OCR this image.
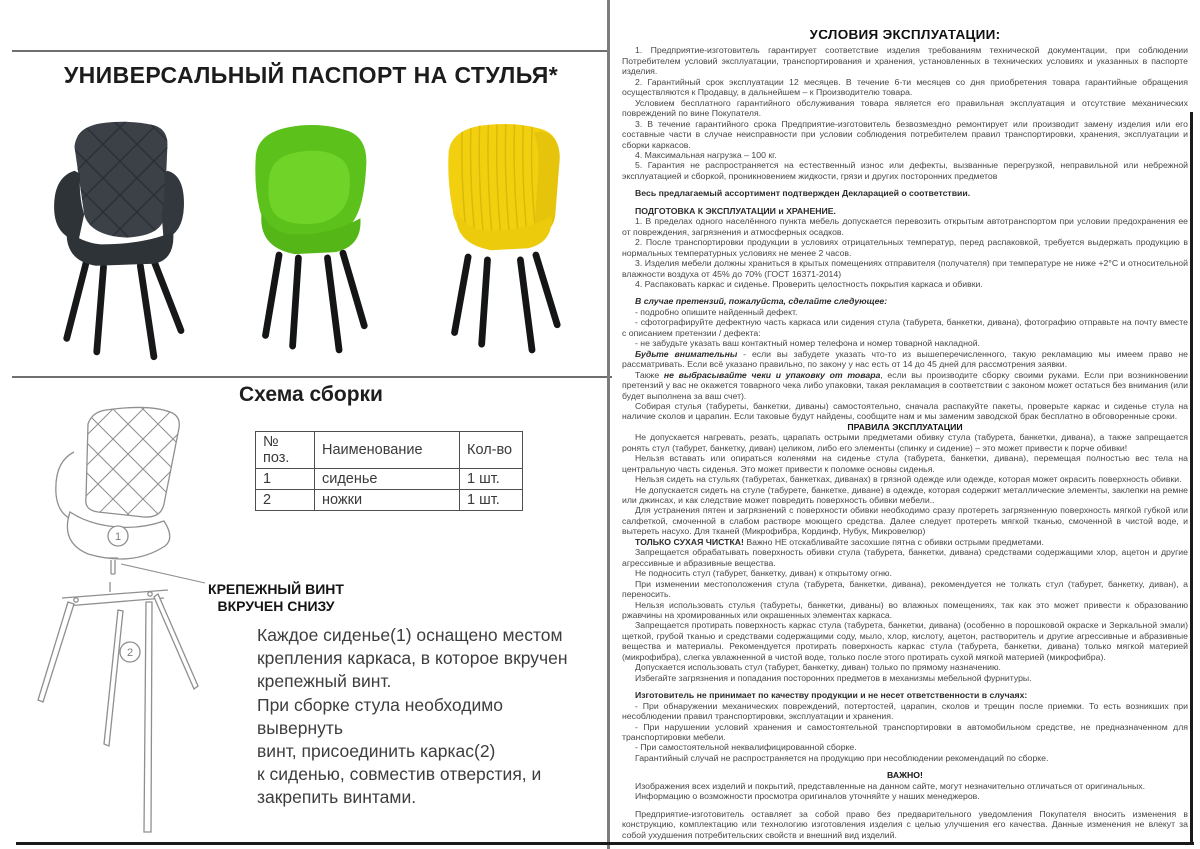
УНИВЕРСАЛЬНЫЙ ПАСПОРТ НА СТУЛЬЯ*
Схема сборки
1
2
№ поз.	Наименование	Кол-во
1	сиденье	1 шт.
2	ножки	1 шт.
КРЕПЕЖНЫЙ ВИНТ
ВКРУЧЕН СНИЗУ
Каждое сиденье(1) оснащено местом
крепления каркаса, в которое вкручен
крепежный винт.
При сборке стула необходимо вывернуть
винт, присоединить каркас(2)
к сиденью, совместив отверстия, и
закрепить винтами.
УСЛОВИЯ ЭКСПЛУАТАЦИИ:
1. Предприятие-изготовитель гарантирует соответствие изделия требованиям технической документации, при соблюдении Потребителем условий эксплуатации, транспортирования и хранения, установленных в технических условиях и указанных в паспорте изделия.
2. Гарантийный срок эксплуатации 12 месяцев. В течение 6-ти месяцев со дня приобретения товара гарантийные обращения осуществляются к Продавцу, в дальнейшем – к Производителю товара.
Условием бесплатного гарантийного обслуживания товара является его правильная эксплуатация и отсутствие механических повреждений по вине Покупателя.
3. В течение гарантийного срока Предприятие-изготовитель безвозмездно ремонтирует или производит замену изделия или его составные части в случае неисправности при условии соблюдения потребителем правил транспортировки, хранения, эксплуатации и сборки каркасов.
4. Максимальная нагрузка – 100 кг.
5. Гарантия не распространяется на естественный износ или дефекты, вызванные перегрузкой, неправильной или небрежной эксплуатацией и сборкой, проникновением жидкости, грязи и других посторонних предметов
Весь предлагаемый ассортимент подтвержден Декларацией о соответствии.
ПОДГОТОВКА К ЭКСПЛУАТАЦИИ и ХРАНЕНИЕ.
1. В пределах одного населённого пункта мебель допускается перевозить открытым автотранспортом при условии предохранения ее от повреждения, загрязнения и атмосферных осадков.
2. После транспортировки продукции в условиях отрицательных температур, перед распаковкой, требуется выдержать продукцию в нормальных температурных условиях не менее 2 часов.
3. Изделия мебели должны храниться в крытых помещениях отправителя (получателя) при температуре не ниже +2°С и относительной влажности воздуха от 45% до 70% (ГОСТ 16371-2014)
4. Распаковать каркас и сиденье. Проверить целостность покрытия каркаса и обивки.
В случае претензий, пожалуйста, сделайте следующее:
- подробно опишите найденный дефект.
- сфотографируйте дефектную часть каркаса или сидения стула (табурета, банкетки, дивана), фотографию отправьте на почту вместе с описанием претензии / дефекта:
- не забудьте указать ваш контактный номер телефона и номер товарной накладной.
Будьте внимательны - если вы забудете указать что-то из вышеперечисленного, такую рекламацию мы имеем право не рассматривать. Если всё указано правильно, по закону у нас есть от 14 до 45 дней для рассмотрения заявки.
Также не выбрасывайте чеки и упаковку от товара, если вы производите сборку своими руками. Если при возникновении претензий у вас не окажется товарного чека либо упаковки, такая рекламация в соответствии с законом может остаться без внимания (или будет выполнена за ваш счет).
Собирая стулья (табуреты, банкетки, диваны) самостоятельно, сначала распакуйте пакеты, проверьте каркас и сиденье стула на наличие сколов и царапин. Если таковые будут найдены, сообщите нам и мы заменим заводской брак бесплатно в обговоренные сроки.
ПРАВИЛА ЭКСПЛУАТАЦИИ
Не допускается нагревать, резать, царапать острыми предметами обивку стула (табурета, банкетки, дивана), а также запрещается ронять стул (табурет, банкетку, диван) целиком, либо его элементы (спинку и сидение) – это может привести к порче обивки!
Нельзя вставать или опираться коленями на сиденье стула (табурета, банкетки, дивана), перемещая полностью вес тела на центральную часть сиденья. Это может привести к поломке основы сиденья.
Нельзя сидеть на стульях (табуретах, банкетках, диванах) в грязной одежде или одежде, которая может окрасить поверхность обивки.
Не допускается сидеть на стуле (табурете, банкетке, диване) в одежде, которая содержит металлические элементы, заклепки на ремне или джинсах, и как следствие может повредить поверхность обивки мебели..
Для устранения пятен и загрязнений с поверхности обивки необходимо сразу протереть загрязненную поверхность мягкой губкой или салфеткой, смоченной в слабом растворе моющего средства. Далее следует протереть мягкой тканью, смоченной в чистой воде, и вытереть насухо. Для тканей (Микрофибра, Кординф, Нубук, Микровелюр)
ТОЛЬКО СУХАЯ ЧИСТКА! Важно НЕ отскабливайте засохшие пятна с обивки острыми предметами.
Запрещается обрабатывать поверхность обивки стула (табурета, банкетки, дивана) средствами содержащими хлор, ацетон и другие агрессивные и абразивные вещества.
Не подносить стул (табурет, банкетку, диван) к открытому огню.
При изменении местоположения стула (табурета, банкетки, дивана), рекомендуется не толкать стул (табурет, банкетку, диван), а переносить.
Нельзя использовать стулья (табуреты, банкетки, диваны) во влажных помещениях, так как это может привести к образованию ржавчины на хромированных или окрашенных элементах каркаса.
Запрещается протирать поверхность каркас стула (табурета, банкетки, дивана) (особенно в порошковой окраске и Зеркальной эмали) щеткой, грубой тканью и средствами содержащими соду, мыло, хлор, кислоту, ацетон, растворитель и другие агрессивные и абразивные вещества и материалы. Рекомендуется протирать поверхность каркас стула (табурета, банкетки, дивана) только мягкой материей (микрофибра), слегка увлажненной в чистой воде, только после этого протирать сухой мягкой материей (микрофибра).
Допускается использовать стул (табурет, банкетку, диван) только по прямому назначению.
Избегайте загрязнения и попадания посторонних предметов в механизмы мебельной фурнитуры.
Изготовитель не принимает по качеству продукции и не несет ответственности в случаях:
- При обнаружении механических повреждений, потертостей, царапин, сколов и трещин после приемки. То есть возникших при несоблюдении правил транспортировки, эксплуатации и хранения.
- При нарушении условий хранения и самостоятельной транспортировки в автомобильном средстве, не предназначенном для транспортировки мебели.
- При самостоятельной неквалифицированной сборке.
Гарантийный случай не распространяется на продукцию при несоблюдении рекомендаций по сборке.
ВАЖНО!
Изображения всех изделий и покрытий, представленные на данном сайте, могут незначительно отличаться от оригинальных.
Информацию о возможности просмотра оригиналов уточняйте у наших менеджеров.
Предприятие-изготовитель оставляет за собой право без предварительного уведомления Покупателя вносить изменения в конструкцию, комплектацию или технологию изготовления изделия с целью улучшения его качества. Данные изменения не влекут за собой ухудшения потребительских свойств и внешний вид изделий.
